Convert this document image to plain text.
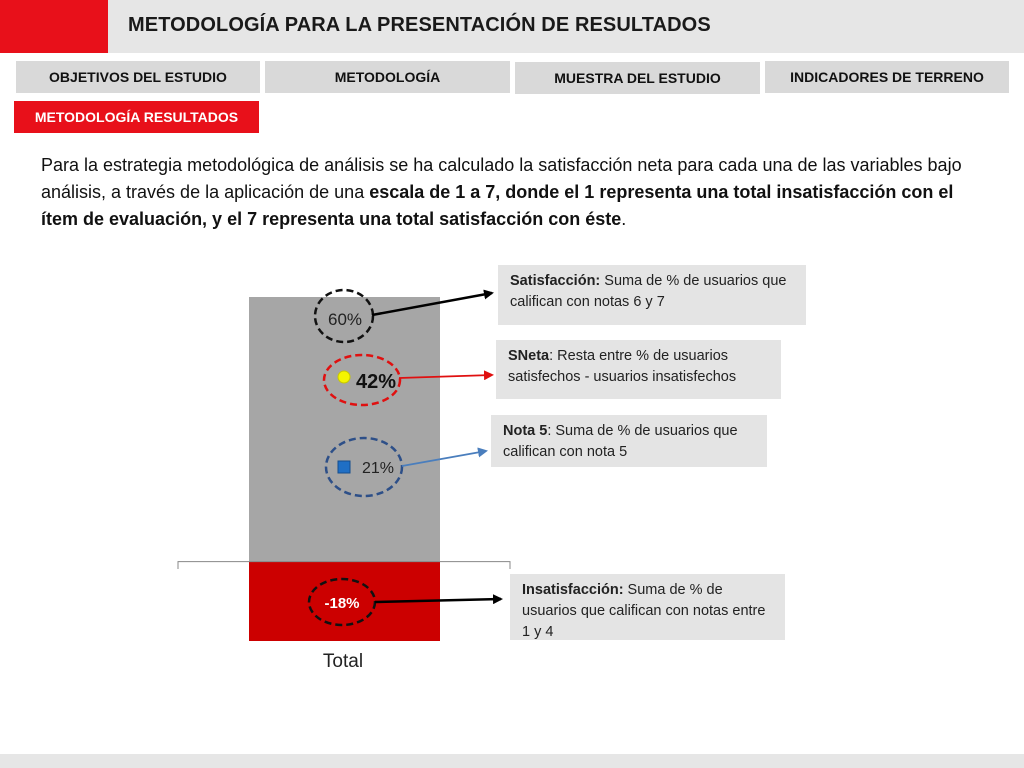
METODOLOGÍA PARA LA PRESENTACIÓN DE RESULTADOS
OBJETIVOS DEL ESTUDIO	METODOLOGÍA	MUESTRA DEL ESTUDIO	INDICADORES DE TERRENO
METODOLOGÍA RESULTADOS
Para la estrategia metodológica de análisis se ha calculado la satisfacción neta para cada una de las variables bajo análisis, a través de la aplicación de una escala de 1 a 7, donde el 1 representa una total insatisfacción con el ítem de evaluación, y el 7 representa una total satisfacción con éste.
60%
42%
21%
-18%
Total
Satisfacción: Suma de % de usuarios que califican con notas 6 y 7
SNeta: Resta entre % de usuarios satisfechos - usuarios insatisfechos
Nota 5: Suma de % de usuarios que califican con nota 5
Insatisfacción: Suma de % de usuarios que califican con notas entre 1 y 4
